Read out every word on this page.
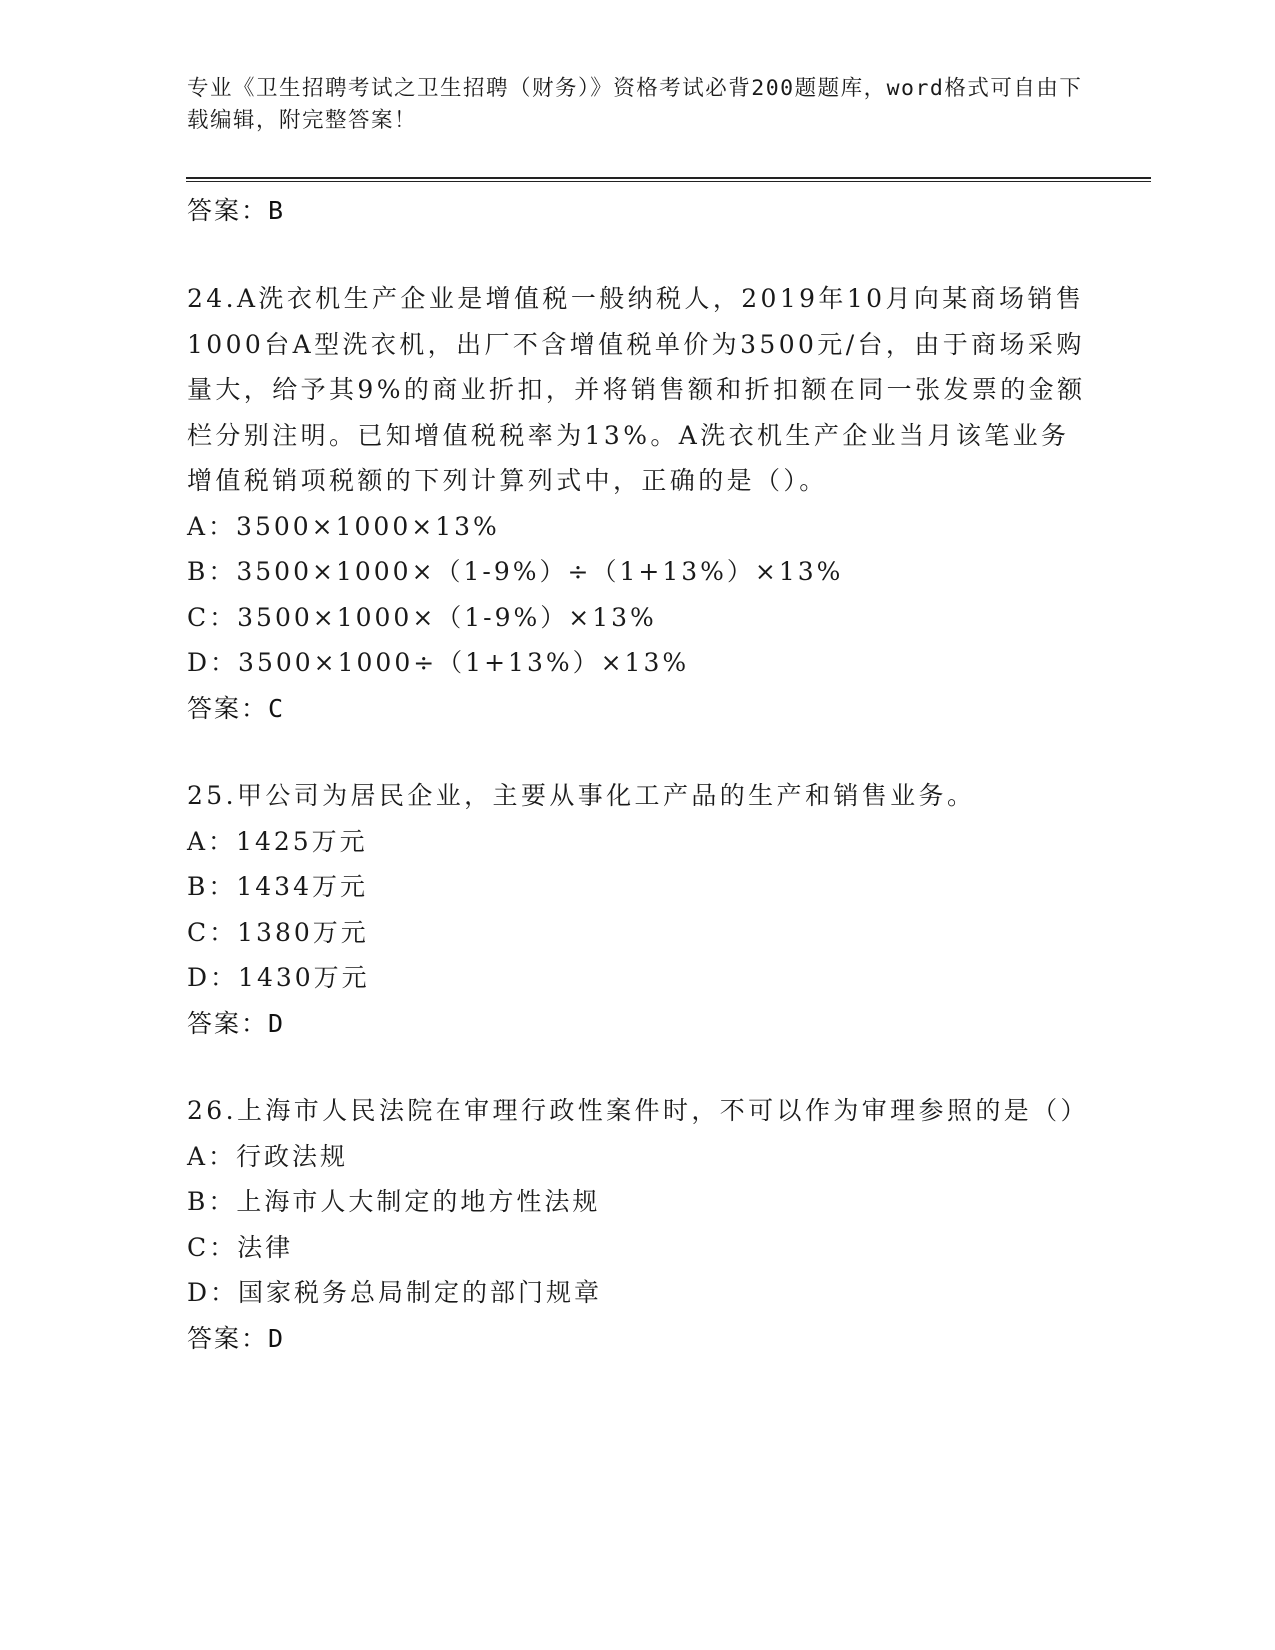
专业《卫生招聘考试之卫生招聘（财务）》资格考试必背200题题库，word格式可自由下载编辑，附完整答案！
答案：B
24.A洗衣机生产企业是增值税一般纳税人，2019年10月向某商场销售1000台A型洗衣机，出厂不含增值税单价为3500元/台，由于商场采购量大，给予其9%的商业折扣，并将销售额和折扣额在同一张发票的金额栏分别注明。已知增值税税率为13%。A洗衣机生产企业当月该笔业务增值税销项税额的下列计算列式中，正确的是（）。
A：3500×1000×13%
B：3500×1000×（1-9%）÷（1+13%）×13%
C：3500×1000×（1-9%）×13%
D：3500×1000÷（1+13%）×13%
答案：C
25.甲公司为居民企业，主要从事化工产品的生产和销售业务。
A：1425万元
B：1434万元
C：1380万元
D：1430万元
答案：D
26.上海市人民法院在审理行政性案件时，不可以作为审理参照的是（）
A：行政法规
B：上海市人大制定的地方性法规
C：法律
D：国家税务总局制定的部门规章
答案：D
